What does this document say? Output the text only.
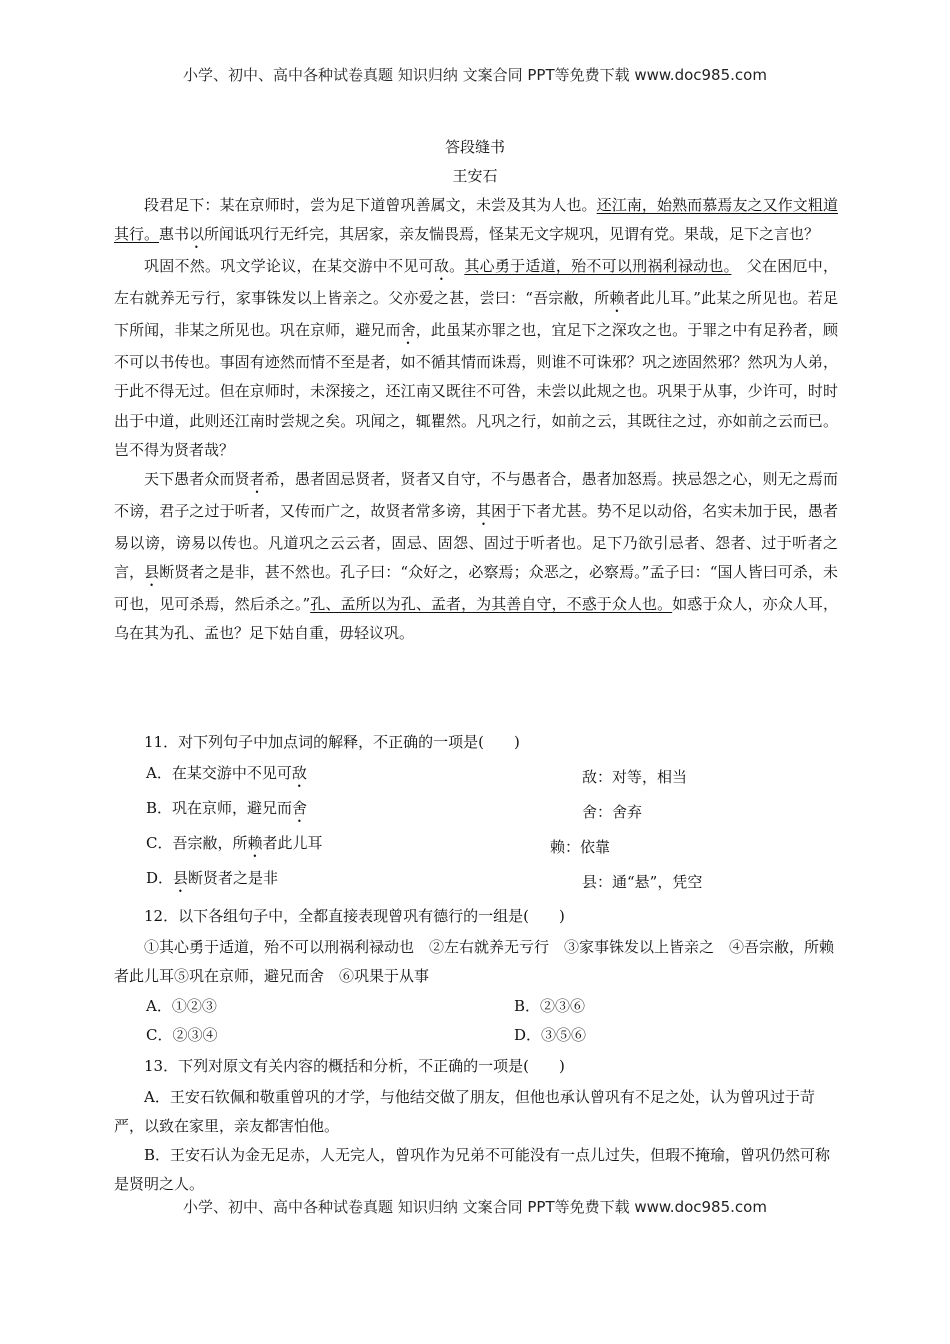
小学、初中、高中各种试卷真题 知识归纳 文案合同 PPT等免费下载 www.doc985.com
答段缝书
王安石

段君足下：某在京师时，尝为足下道曾巩善属文，未尝及其为人也。还江南，始熟而慕焉友之又作文粗道其行。惠书以所闻诋巩行无纤完，其居家，亲友惴畏焉，怪某无文字规巩，见谓有党。果哉，足下之言也？

巩固不然。巩文学论议，在某交游中不见可敌。其心勇于适道，殆不可以刑祸利禄动也。　父在困厄中，左右就养无亏行，家事铢发以上皆亲之。父亦爱之甚，尝曰：“吾宗敝，所赖者此儿耳。”此某之所见也。若足下所闻，非某之所见也。巩在京师，避兄而舍，此虽某亦罪之也，宜足下之深攻之也。于罪之中有足矜者，顾不可以书传也。事固有迹然而情不至是者，如不循其情而诛焉，则谁不可诛邪？巩之迹固然邪？然巩为人弟，于此不得无过。但在京师时，未深接之，还江南又既往不可咎，未尝以此规之也。巩果于从事，少许可，时时出于中道，此则还江南时尝规之矣。巩闻之，辄瞿然。凡巩之行，如前之云，其既往之过，亦如前之云而已。岂不得为贤者哉？

天下愚者众而贤者希，愚者固忌贤者，贤者又自守，不与愚者合，愚者加怒焉。挟忌怨之心，则无之焉而不谤，君子之过于听者，又传而广之，故贤者常多谤，其困于下者尤甚。势不足以动俗，名实未加于民，愚者易以谤，谤易以传也。凡道巩之云云者，固忌、固怨、固过于听者也。足下乃欲引忌者、怨者、过于听者之言，县断贤者之是非，甚不然也。孔子曰：“众好之，必察焉；众恶之，必察焉。”孟子曰：“国人皆曰可杀，未可也，见可杀焉，然后杀之。”孔、孟所以为孔、孟者，为其善自守，不惑于众人也。如惑于众人，亦众人耳，乌在其为孔、孟也？足下姑自重，毋轻议巩。

11．对下列句子中加点词的解释，不正确的一项是(　　)

A．在某交游中不见可敌	敌：对等，相当
B．巩在京师，避兄而舍	舍：舍弃
C．吾宗敝，所赖者此儿耳	赖：依靠
D．县断贤者之是非	县：通“悬”，凭空

12．以下各组句子中，全都直接表现曾巩有德行的一组是(　　)

①其心勇于适道，殆不可以刑祸利禄动也　②左右就养无亏行　③家事铢发以上皆亲之　④吾宗敝，所赖者此儿耳⑤巩在京师，避兄而舍　⑥巩果于从事

A．①②③	B．②③⑥
C．②③④	D．③⑤⑥

13．下列对原文有关内容的概括和分析，不正确的一项是(　　)

A．王安石钦佩和敬重曾巩的才学，与他结交做了朋友，但他也承认曾巩有不足之处，认为曾巩过于苛严，以致在家里，亲友都害怕他。

B．王安石认为金无足赤，人无完人，曾巩作为兄弟不可能没有一点儿过失，但瑕不掩瑜，曾巩仍然可称是贤明之人。

小学、初中、高中各种试卷真题 知识归纳 文案合同 PPT等免费下载 www.doc985.com
